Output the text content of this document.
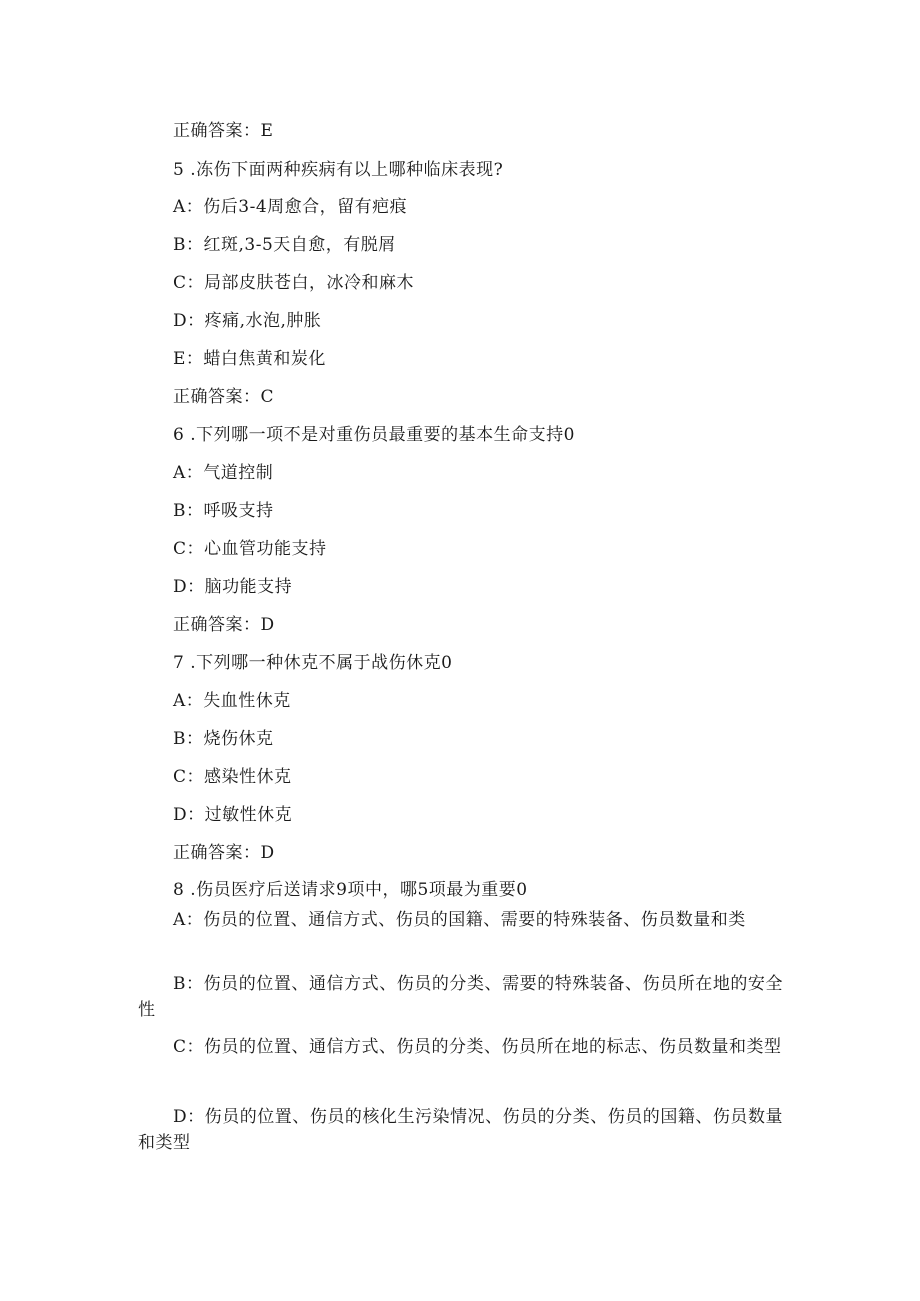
正确答案：E
5 .冻伤下面两种疾病有以上哪种临床表现?
A：伤后3-4周愈合，留有疤痕
B：红斑,3-5天自愈，有脱屑
C：局部皮肤苍白，冰冷和麻木
D：疼痛,水泡,肿胀
E：蜡白焦黄和炭化
正确答案：C
6 .下列哪一项不是对重伤员最重要的基本生命支持0
A：气道控制
B：呼吸支持
C：心血管功能支持
D：脑功能支持
正确答案：D
7 .下列哪一种休克不属于战伤休克0
A：失血性休克
B：烧伤休克
C：感染性休克
D：过敏性休克
正确答案：D
8 .伤员医疗后送请求9项中，哪5项最为重要0
A：伤员的位置、通信方式、伤员的国籍、需要的特殊装备、伤员数量和类
B：伤员的位置、通信方式、伤员的分类、需要的特殊装备、伤员所在地的安全性
C：伤员的位置、通信方式、伤员的分类、伤员所在地的标志、伤员数量和类型
D：伤员的位置、伤员的核化生污染情况、伤员的分类、伤员的国籍、伤员数量和类型
